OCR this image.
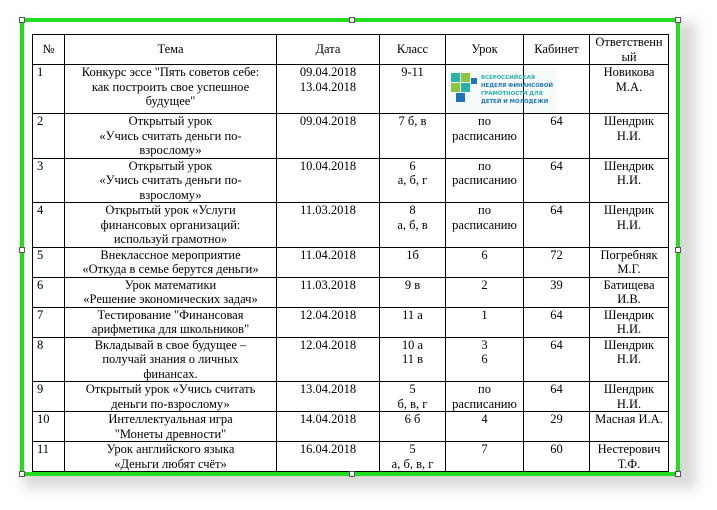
№	Тема	Дата	Класс	Урок	Кабинет	Ответственный
1	Конкурс эссе "Пять советов себе:
как построить свое успешное
будущее"	09.04.2018
13.04.2018	9-11	ВСЕРОССИЙСКАЯ
НЕДЕЛЯ ФИНАНСОВОЙ
ГРАМОТНОСТИ ДЛЯ
ДЕТЕЙ И МОЛОДЕЖИ		Новикова М.А.
2	Открытый урок
«Учись считать деньги по-
взрослому»	09.04.2018	7 б, в	по
расписанию	64	Шендрик Н.И.
3	Открытый урок
«Учись считать деньги по-
взрослому»	10.04.2018	6
а, б, г	по
расписанию	64	Шендрик Н.И.
4	Открытый урок «Услуги
финансовых организаций:
используй грамотно»	11.03.2018	8
а, б, в	по
расписанию	64	Шендрик Н.И.
5	Внеклассное мероприятие
«Откуда в семье берутся деньги»	11.04.2018	1б	6	72	Погребняк
М.Г.
6	Урок математики
«Решение экономических задач»	11.03.2018	9 в	2	39	Батищева И.В.
7	Тестирование "Финансовая
арифметика для школьников"	12.04.2018	11 а	1	64	Шендрик Н.И.
8	Вкладывай в свое будущее –
получай знания о личных
финансах.	12.04.2018	10 а
11 в	3
6	64	Шендрик Н.И.
9	Открытый урок «Учись считать
деньги по-взрослому»	13.04.2018	5
б, в, г	по
расписанию	64	Шендрик Н.И.
10	Интеллектуальная игра
"Монеты древности"	14.04.2018	6 б	4	29	Масная И.А.
11	Урок английского языка
«Деньги любят счёт»	16.04.2018	5
а, б, в, г	7	60	Нестерович
Т.Ф.
